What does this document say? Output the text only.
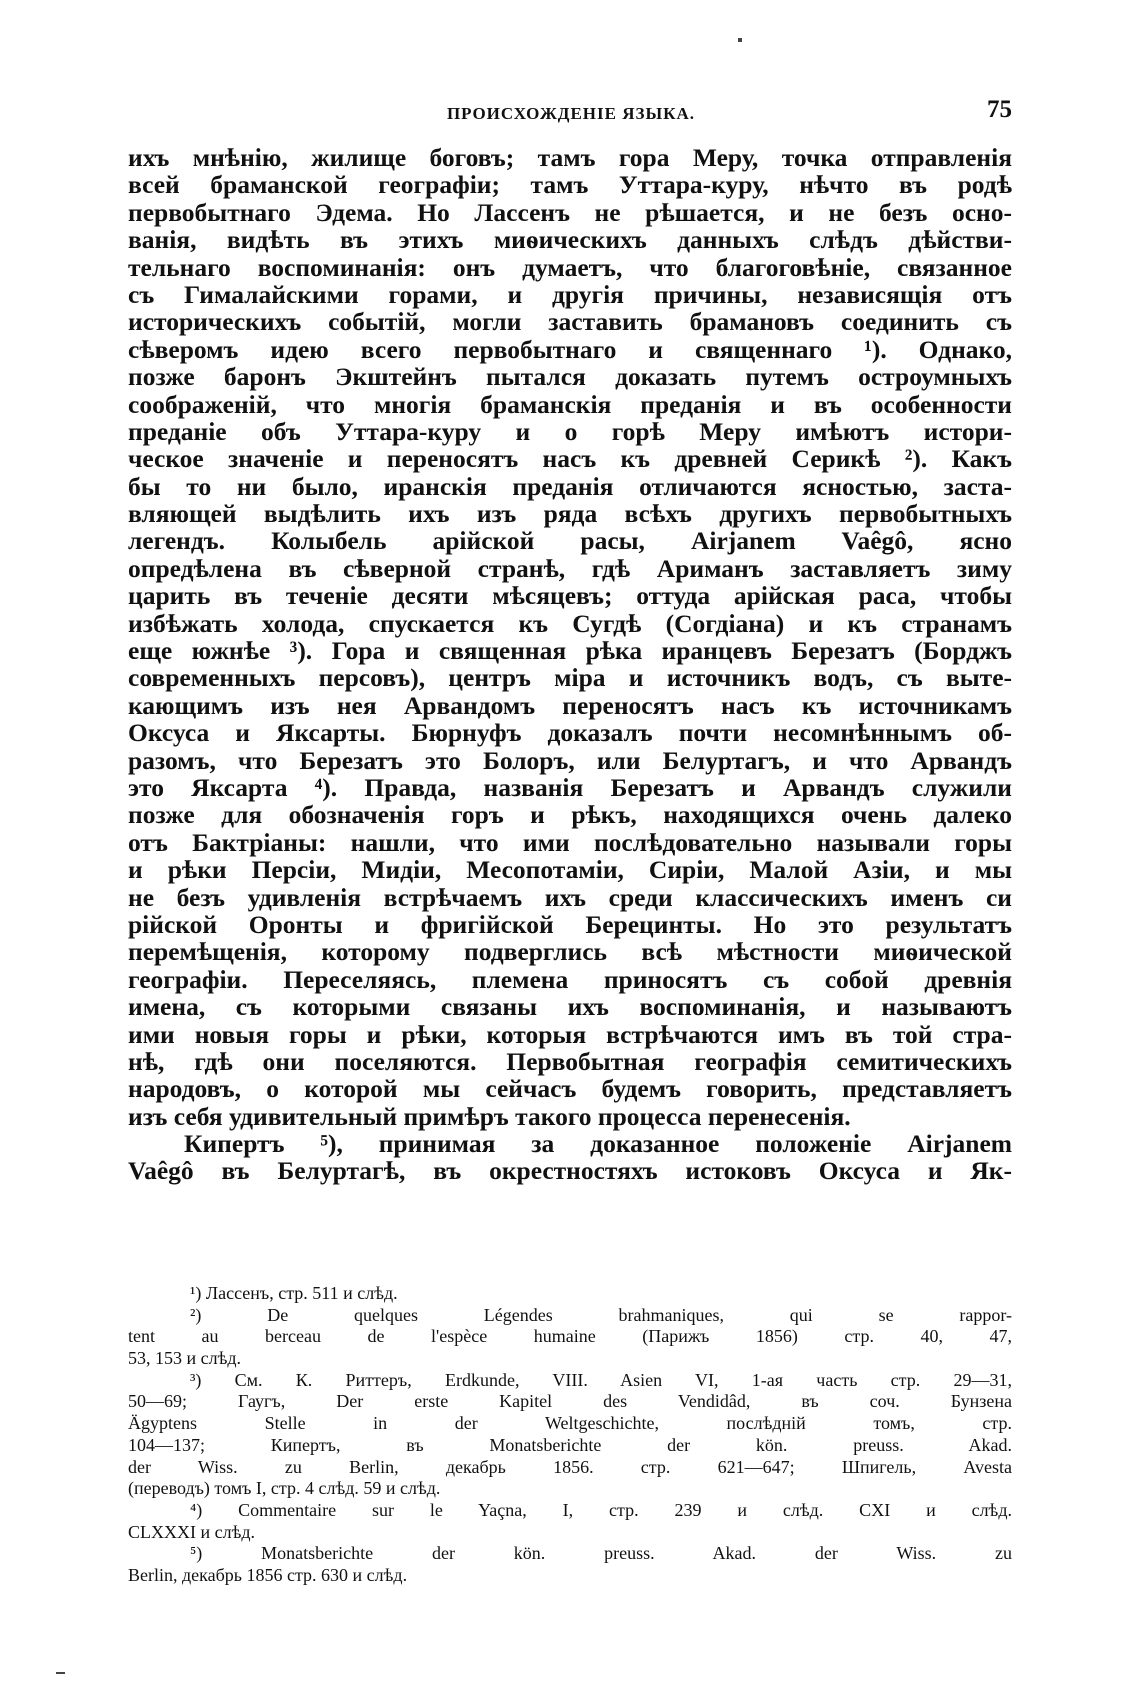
ПРОИСХОЖДЕНІЕ ЯЗЫКА.	75
ихъ мнѣнію, жилище боговъ; тамъ гора Меру, точка отправленія
всей браманской географіи; тамъ Уттара-куру, нѣчто въ родѣ
первобытнаго Эдема. Но Лассенъ не рѣшается, и не безъ осно-
ванія, видѣть въ этихъ миѳическихъ данныхъ слѣдъ дѣйстви-
тельнаго воспоминанія: онъ думаетъ, что благоговѣніе, связанное
съ Гималайскими горами, и другія причины, независящія отъ
историческихъ событій, могли заставить брамановъ соединить съ
сѣверомъ идею всего первобытнаго и священнаго ¹). Однако,
позже баронъ Экштейнъ пытался доказать путемъ остроумныхъ
соображеній, что многія браманскія преданія и въ особенности
преданіе объ Уттара-куру и о горѣ Меру имѣютъ истори-
ческое значеніе и переносятъ насъ къ древней Серикѣ ²). Какъ
бы то ни было, иранскія преданія отличаются ясностью, заста-
вляющей выдѣлить ихъ изъ ряда всѣхъ другихъ первобытныхъ
легендъ. Колыбель арійской расы, Airjanem Vaêgô, ясно
опредѣлена въ сѣверной странѣ, гдѣ Ариманъ заставляетъ зиму
царить въ теченіе десяти мѣсяцевъ; оттуда арійская раса, чтобы
избѣжать холода, спускается къ Сугдѣ (Согдіана) и къ странамъ
еще южнѣе ³). Гора и священная рѣка иранцевъ Березатъ (Борджъ
современныхъ персовъ), центръ міра и источникъ водъ, съ выте-
кающимъ изъ нея Арвандомъ переносятъ насъ къ источникамъ
Оксуса и Яксарты. Бюрнуфъ доказалъ почти несомнѣннымъ об-
разомъ, что Березатъ это Болоръ, или Белуртагъ, и что Арвандъ
это Яксарта ⁴). Правда, названія Березатъ и Арвандъ служили
позже для обозначенія горъ и рѣкъ, находящихся очень далеко
отъ Бактріаны: нашли, что ими послѣдовательно называли горы
и рѣки Персіи, Мидіи, Месопотаміи, Сиріи, Малой Азіи, и мы
не безъ удивленія встрѣчаемъ ихъ среди классическихъ именъ си
рійской Оронты и фригійской Берецинты. Но это результатъ
перемѣщенія, которому подверглись всѣ мѣстности миѳической
географіи. Переселяясь, племена приносятъ съ собой древнія
имена, съ которыми связаны ихъ воспоминанія, и называютъ
ими новыя горы и рѣки, которыя встрѣчаются имъ въ той стра-
нѣ, гдѣ они поселяются. Первобытная географія семитическихъ
народовъ, о которой мы сейчасъ будемъ говорить, представляетъ
изъ себя удивительный примѣръ такого процесса перенесенія.
Кипертъ ⁵), принимая за доказанное положеніе Airjanem
Vaêgô въ Белуртагѣ, въ окрестностяхъ истоковъ Оксуса и Як-
¹) Лассенъ, стр. 511 и слѣд.
²) De quelques Légendes brahmaniques, qui se rappor-
tent au berceau de l'espèce humaine (Парижъ 1856) стр. 40, 47,
53, 153 и слѣд.
³) См. К. Риттеръ, Erdkunde, VIII. Asien VI, 1-ая часть стр. 29—31,
50—69; Гаугъ, Der erste Kapitel des Vendidâd, въ соч. Бунзена
Ägyptens Stelle in der Weltgeschichte, послѣдній томъ, стр.
104—137; Кипертъ, въ Monatsberichte der kön. preuss. Akad.
der Wiss. zu Berlin, декабрь 1856. стр. 621—647; Шпигель, Avesta
(переводъ) томъ I, стр. 4 слѣд. 59 и слѣд.
⁴) Commentaire sur le Yaçna, I, стр. 239 и слѣд. CXI и слѣд.
CLXXXI и слѣд.
⁵) Monatsberichte der kön. preuss. Akad. der Wiss. zu
Berlin, декабрь 1856 стр. 630 и слѣд.
